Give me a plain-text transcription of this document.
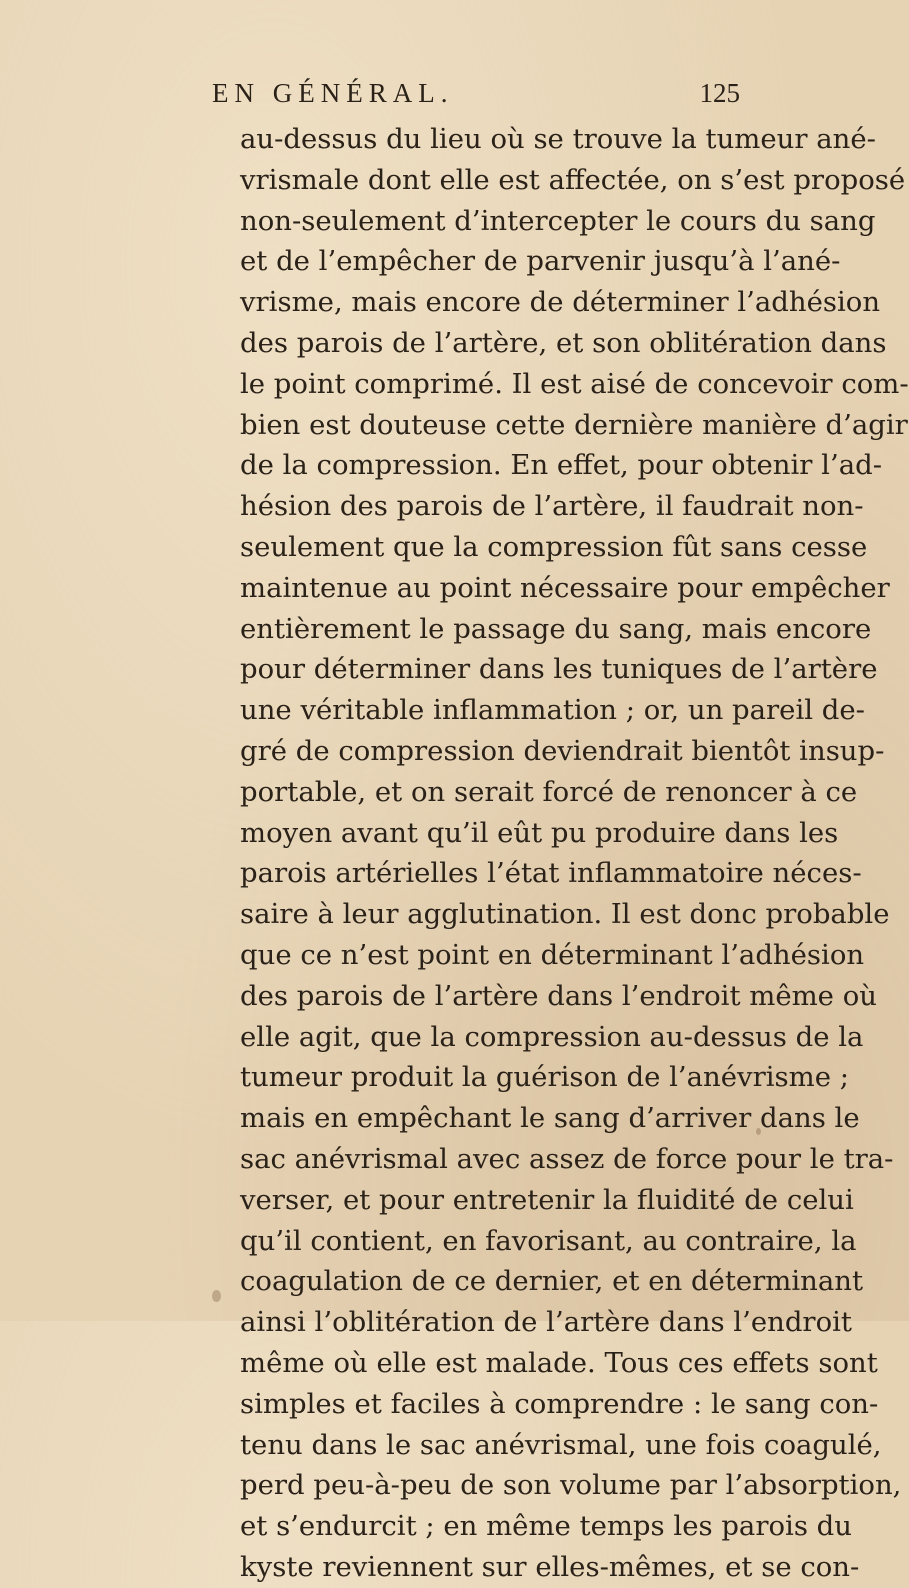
EN GÉNÉRAL.	125
au-dessus du lieu où se trouve la tumeur ané-
vrismale dont elle est affectée, on s’est proposé
non-seulement d’intercepter le cours du sang
et de l’empêcher de parvenir jusqu’à l’ané-
vrisme, mais encore de déterminer l’adhésion
des parois de l’artère, et son oblitération dans
le point comprimé. Il est aisé de concevoir com-
bien est douteuse cette dernière manière d’agir
de la compression. En effet, pour obtenir l’ad-
hésion des parois de l’artère, il faudrait non-
seulement que la compression fût sans cesse
maintenue au point nécessaire pour empêcher
entièrement le passage du sang, mais encore
pour déterminer dans les tuniques de l’artère
une véritable inflammation ; or, un pareil de-
gré de compression deviendrait bientôt insup-
portable, et on serait forcé de renoncer à ce
moyen avant qu’il eût pu produire dans les
parois artérielles l’état inflammatoire néces-
saire à leur agglutination. Il est donc probable
que ce n’est point en déterminant l’adhésion
des parois de l’artère dans l’endroit même où
elle agit, que la compression au-dessus de la
tumeur produit la guérison de l’anévrisme ;
mais en empêchant le sang d’arriver dans le
sac anévrismal avec assez de force pour le tra-
verser, et pour entretenir la fluidité de celui
qu’il contient, en favorisant, au contraire, la
coagulation de ce dernier, et en déterminant
ainsi l’oblitération de l’artère dans l’endroit
même où elle est malade. Tous ces effets sont
simples et faciles à comprendre : le sang con-
tenu dans le sac anévrismal, une fois coagulé,
perd peu-à-peu de son volume par l’absorption,
et s’endurcit ; en même temps les parois du
kyste reviennent sur elles-mêmes, et se con-
